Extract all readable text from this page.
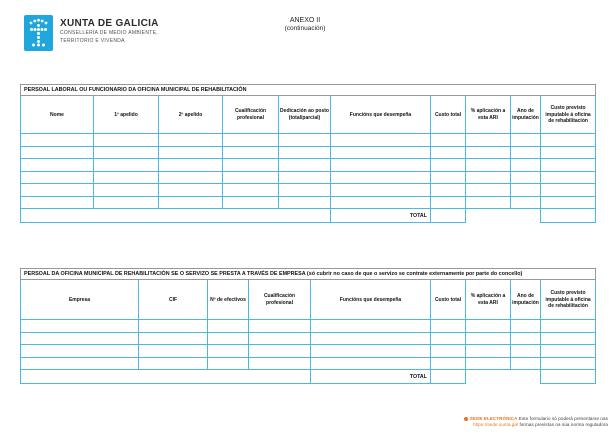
XUNTA DE GALICIA
CONSELLERÍA DE MEDIO AMBIENTE,
TERRITORIO E VIVENDA
ANEXO II
(continuación)
PERSOAL LABORAL OU FUNCIONARIO DA OFICINA MUNICIPAL DE REHABILITACIÓN									
Nome	1º apelido	2º apelido	Cualificación profesional	Dedicación ao posto (total/parcial)	Funcións que desempeña	Custo total	% aplicación a esta ARI	Ano de imputación	Custo previsto imputable á oficina de rehabilitación

					TOTAL				
PERSOAL DA OFICINA MUNICIPAL DE REHABILITACIÓN SE O SERVIZO SE PRESTA A TRAVÉS DE EMPRESA (só cubrir no caso de que o servizo se contrate externamente por parte do concello)								
Empresa	CIF	Nº de efectivos	Cualificación profesional	Funcións que desempeña	Custo total	% aplicación a esta ARI	Ano de imputación	Custo previsto imputable á oficina de rehabilitación

				TOTAL				
SEDE ELECTRÓNICA Este formulario só poderá presentarse nas
https://sede.xunta.gal formas previstas na súa norma reguladora
